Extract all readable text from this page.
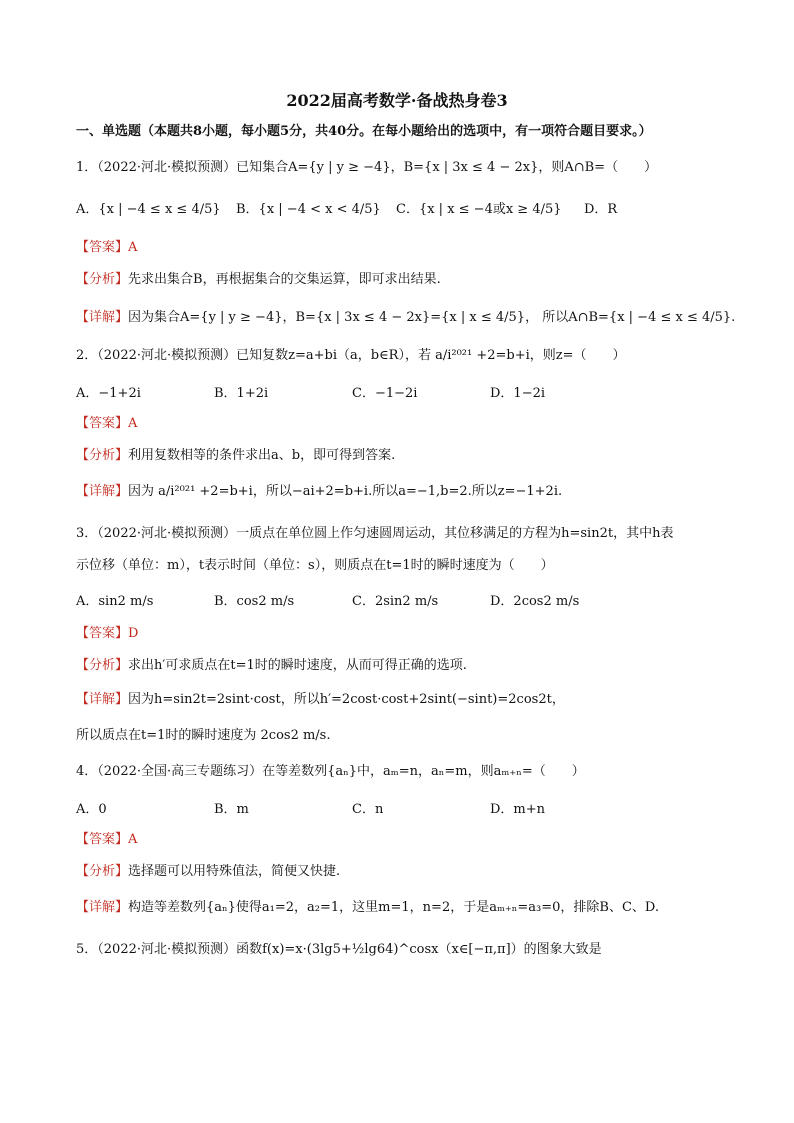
2022届高考数学·备战热身卷3
一、单选题（本题共8小题，每小题5分，共40分。在每小题给出的选项中，有一项符合题目要求。）
1．（2022·河北·模拟预测）已知集合A={y | y ≥ −4}，B={x | 3x ≤ 4 − 2x}，则A∩B=（　　）
A．{x | −4 ≤ x ≤ 4/5}	B．{x | −4 < x < 4/5}	C．{x | x ≤ −4或x ≥ 4/5}	D．R
【答案】A
【分析】先求出集合B，再根据集合的交集运算，即可求出结果.
【详解】因为集合A={y | y ≥ −4}，B={x | 3x ≤ 4 − 2x}={x | x ≤ 4/5}， 所以A∩B={x | −4 ≤ x ≤ 4/5}.
2．（2022·河北·模拟预测）已知复数z=a+bi（a，b∈R），若 a/i²⁰²¹ +2=b+i，则z=（　　）
A．−1+2i	B．1+2i	C．−1−2i	D．1−2i
【答案】A
【分析】利用复数相等的条件求出a、b，即可得到答案.
【详解】因为 a/i²⁰²¹ +2=b+i，所以−ai+2=b+i.所以a=−1,b=2.所以z=−1+2i.
3．（2022·河北·模拟预测）一质点在单位圆上作匀速圆周运动，其位移满足的方程为h=sin2t，其中h表
示位移（单位：m），t表示时间（单位：s），则质点在t=1时的瞬时速度为（　　）
A．sin2 m/s	B．cos2 m/s	C．2sin2 m/s	D．2cos2 m/s
【答案】D
【分析】求出h′可求质点在t=1时的瞬时速度，从而可得正确的选项.
【详解】因为h=sin2t=2sint·cost，所以h′=2cost·cost+2sint(−sint)=2cos2t，
所以质点在t=1时的瞬时速度为 2cos2 m/s.
4．（2022·全国·高三专题练习）在等差数列{aₙ}中，aₘ=n，aₙ=m，则aₘ₊ₙ=（　　）
A．0	B．m	C．n	D．m+n
【答案】A
【分析】选择题可以用特殊值法，简便又快捷.
【详解】构造等差数列{aₙ}使得a₁=2，a₂=1，这里m=1，n=2，于是aₘ₊ₙ=a₃=0，排除B、C、D.
5．（2022·河北·模拟预测）函数f(x)=x·(3lg5+½lg64)^cosx（x∈[−π,π]）的图象大致是
